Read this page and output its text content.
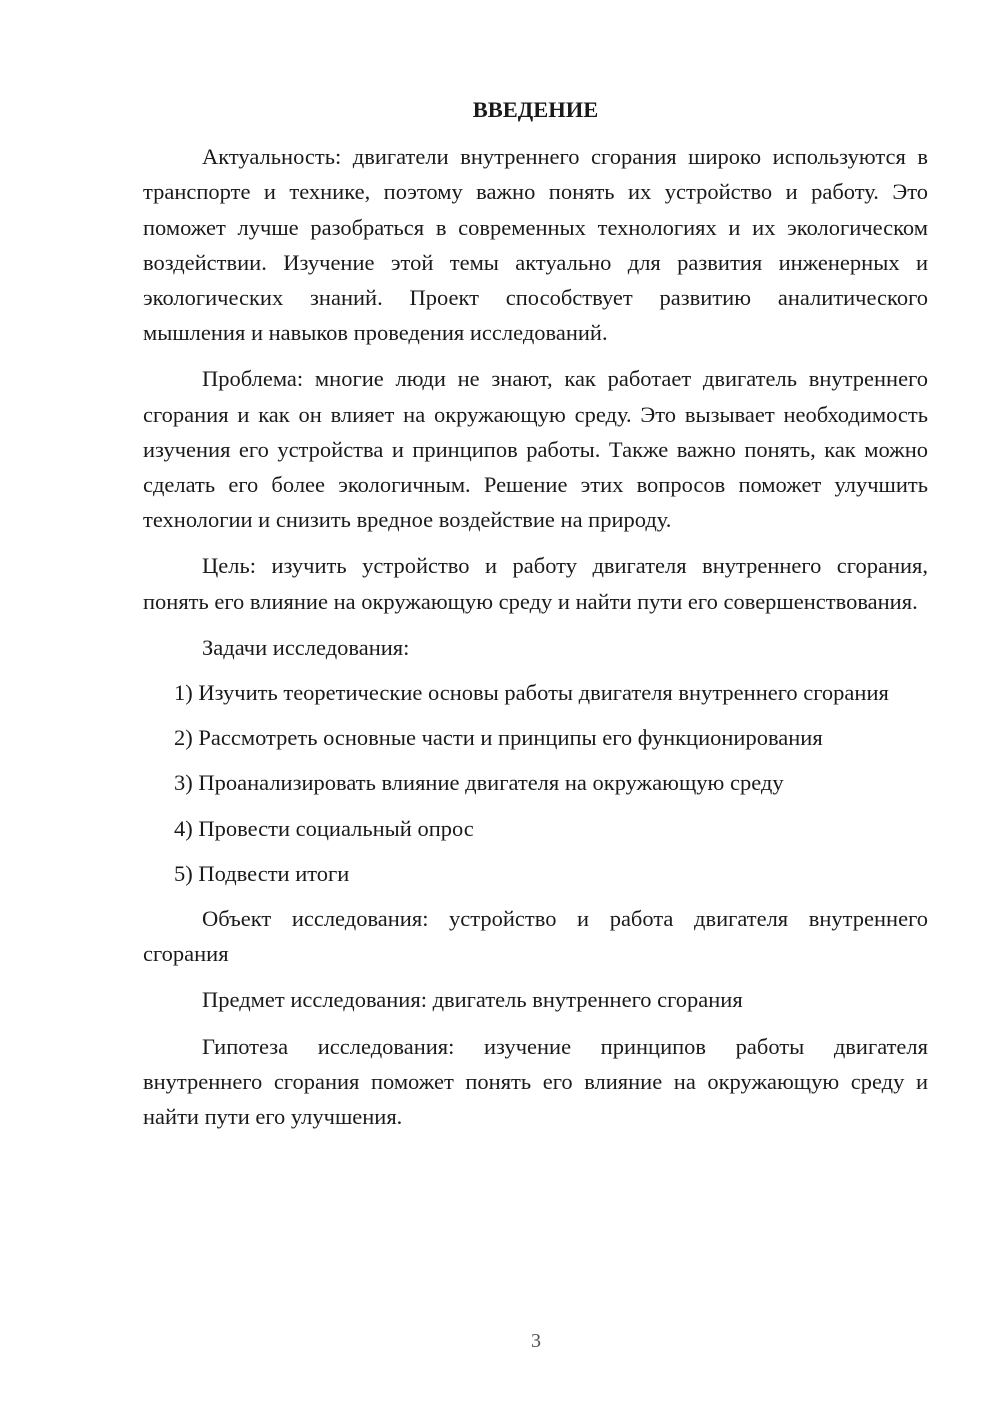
ВВЕДЕНИЕ

Актуальность: двигатели внутреннего сгорания широко используются в транспорте и технике, поэтому важно понять их устройство и работу. Это поможет лучше разобраться в современных технологиях и их экологическом воздействии. Изучение этой темы актуально для развития инженерных и экологических знаний. Проект способствует развитию аналитического мышления и навыков проведения исследований.

Проблема: многие люди не знают, как работает двигатель внутреннего сгорания и как он влияет на окружающую среду. Это вызывает необходимость изучения его устройства и принципов работы. Также важно понять, как можно сделать его более экологичным. Решение этих вопросов поможет улучшить технологии и снизить вредное воздействие на природу.

Цель: изучить устройство и работу двигателя внутреннего сгорания, понять его влияние на окружающую среду и найти пути его совершенствования.

Задачи исследования:

1) Изучить теоретические основы работы двигателя внутреннего сгорания

2) Рассмотреть основные части и принципы его функционирования

3) Проанализировать влияние двигателя на окружающую среду

4) Провести социальный опрос

5) Подвести итоги

Объект исследования: устройство и работа двигателя внутреннего сгорания

Предмет исследования: двигатель внутреннего сгорания

Гипотеза исследования: изучение принципов работы двигателя внутреннего сгорания поможет понять его влияние на окружающую среду и найти пути его улучшения.

3
